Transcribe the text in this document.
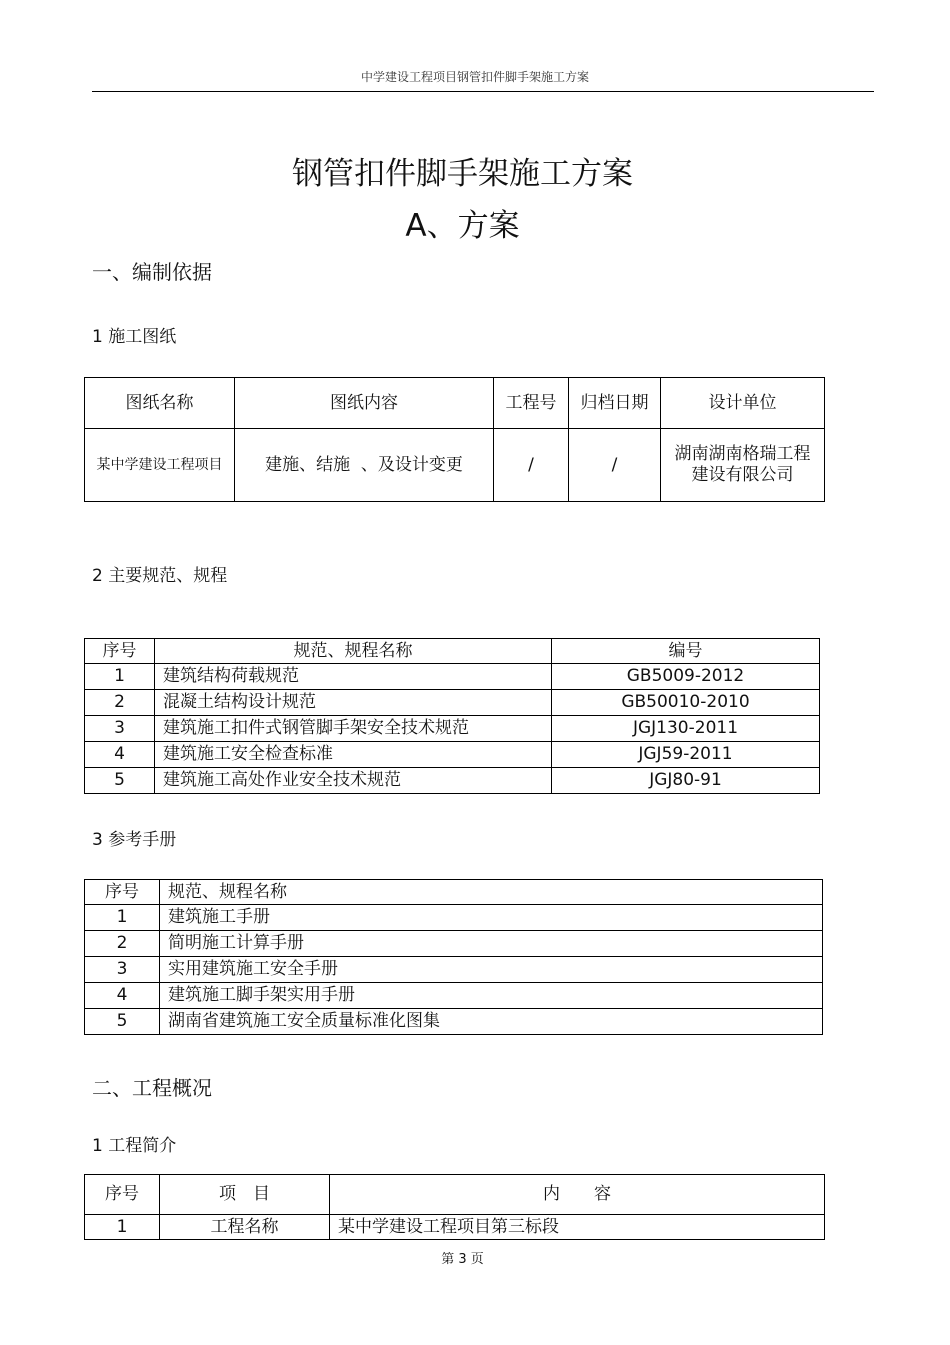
中学建设工程项目钢管扣件脚手架施工方案
钢管扣件脚手架施工方案
A、方案
一、编制依据
1 施工图纸
图纸名称	图纸内容	工程号	归档日期	设计单位
某中学建设工程项目	建施、结施  、及设计变更	/	/	湖南湖南格瑞工程建设有限公司
2 主要规范、规程
序号	规范、规程名称	编号
1	建筑结构荷载规范	GB5009-2012
2	混凝土结构设计规范	GB50010-2010
3	建筑施工扣件式钢管脚手架安全技术规范	JGJ130-2011
4	建筑施工安全检查标准	JGJ59-2011
5	建筑施工高处作业安全技术规范	JGJ80-91
3 参考手册
序号	规范、规程名称
1	建筑施工手册
2	简明施工计算手册
3	实用建筑施工安全手册
4	建筑施工脚手架实用手册
5	湖南省建筑施工安全质量标准化图集
二、工程概况
1 工程简介
序号	项　目	内　　容
1	工程名称	某中学建设工程项目第三标段
第 3 页
